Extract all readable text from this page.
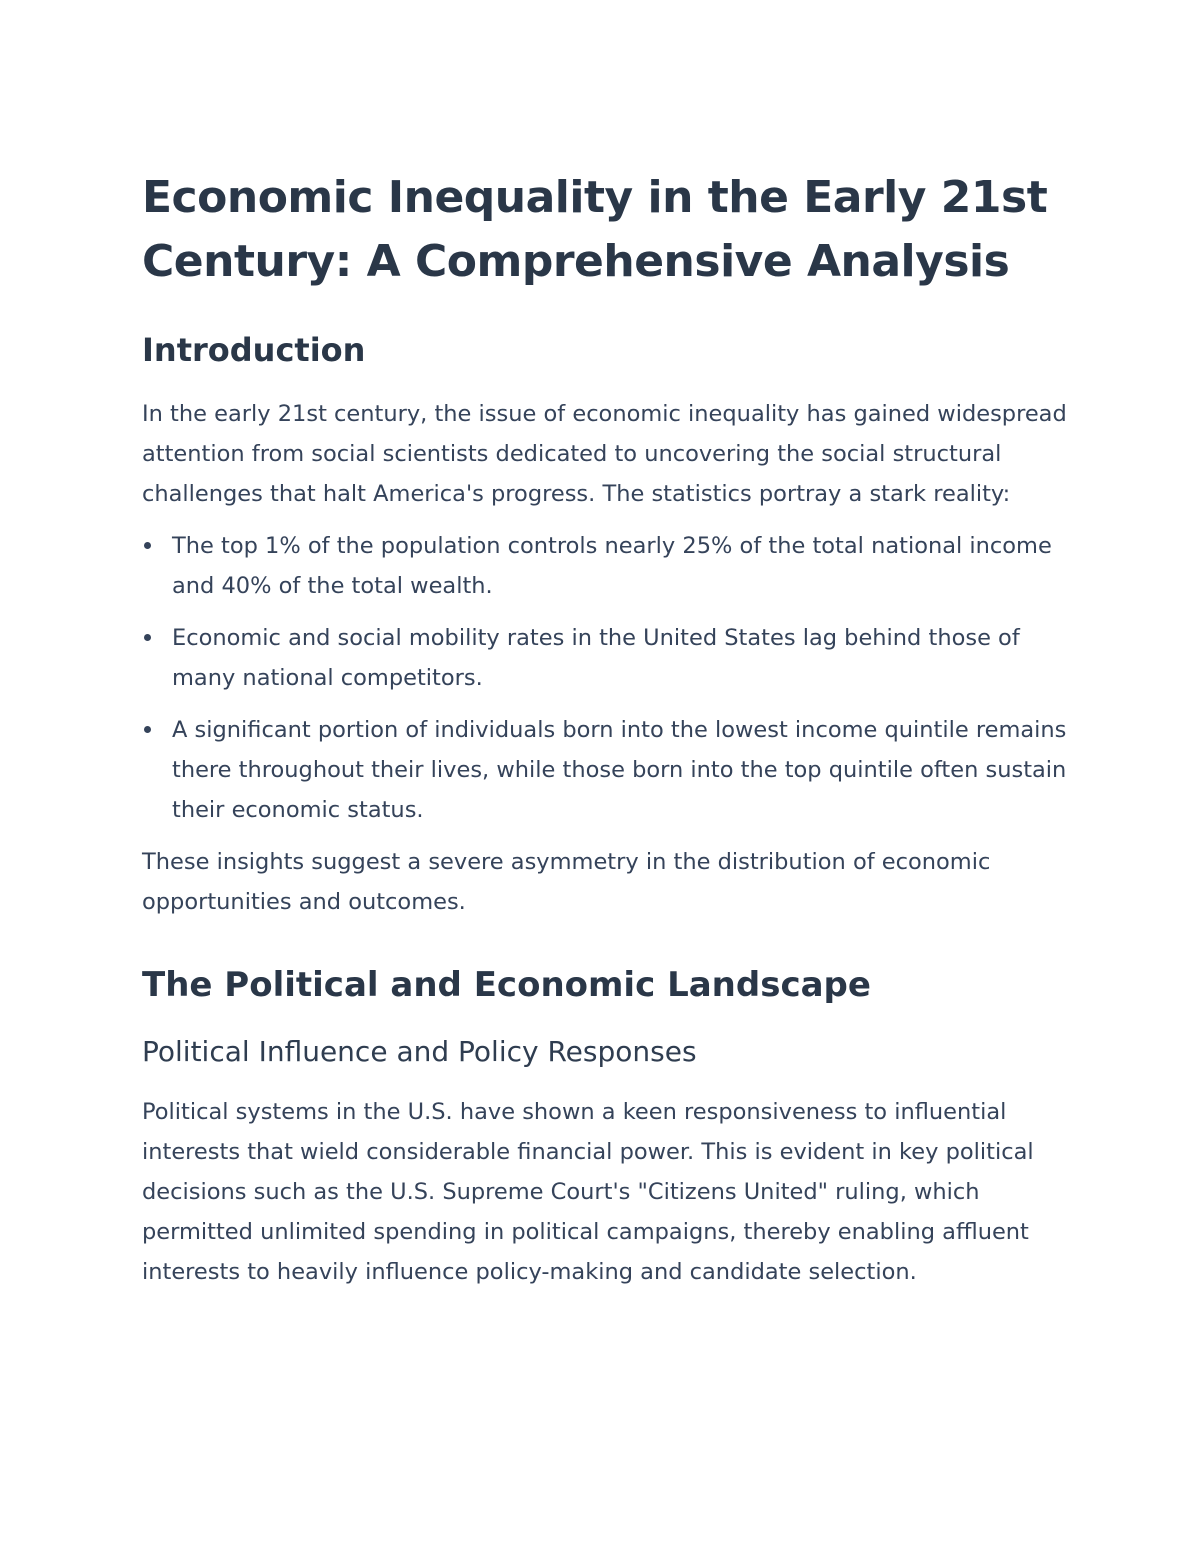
Economic Inequality in the Early 21st Century: A Comprehensive Analysis
Introduction

In the early 21st century, the issue of economic inequality has gained widespread attention from social scientists dedicated to uncovering the social structural challenges that halt America's progress. The statistics portray a stark reality:

The top 1% of the population controls nearly 25% of the total national income and 40% of the total wealth.
Economic and social mobility rates in the United States lag behind those of many national competitors.
A significant portion of individuals born into the lowest income quintile remains there throughout their lives, while those born into the top quintile often sustain their economic status.

These insights suggest a severe asymmetry in the distribution of economic opportunities and outcomes.

The Political and Economic Landscape
Political Influence and Policy Responses

Political systems in the U.S. have shown a keen responsiveness to influential interests that wield considerable financial power. This is evident in key political decisions such as the U.S. Supreme Court's "Citizens United" ruling, which permitted unlimited spending in political campaigns, thereby enabling affluent interests to heavily influence policy-making and candidate selection.
